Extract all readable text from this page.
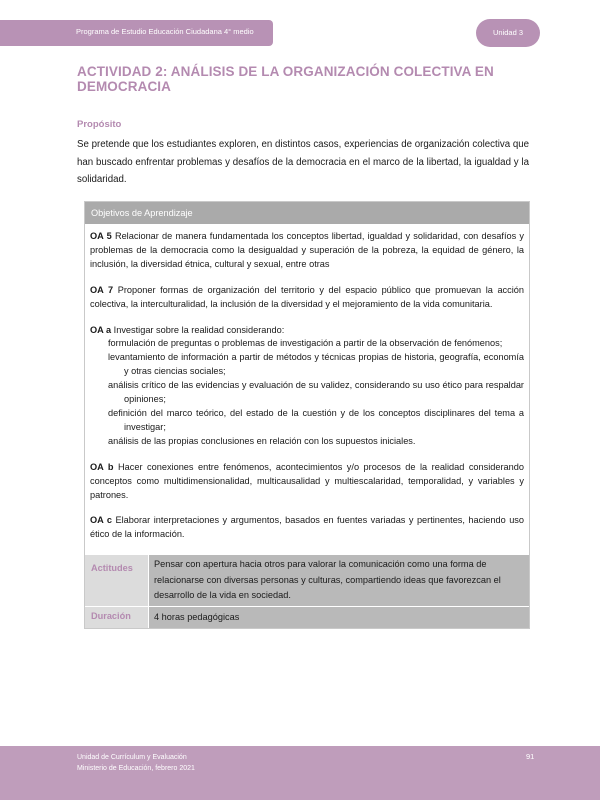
Programa de Estudio Educación Ciudadana 4° medio	Unidad 3
ACTIVIDAD 2: ANÁLISIS DE LA ORGANIZACIÓN COLECTIVA EN DEMOCRACIA
Propósito

Se pretende que los estudiantes exploren, en distintos casos, experiencias de organización colectiva que han buscado enfrentar problemas y desafíos de la democracia en el marco de la libertad, la igualdad y la solidaridad.

Objetivos de Aprendizaje

OA 5 Relacionar de manera fundamentada los conceptos libertad, igualdad y solidaridad, con desafíos y problemas de la democracia como la desigualdad y superación de la pobreza, la equidad de género, la inclusión, la diversidad étnica, cultural y sexual, entre otras

OA 7 Proponer formas de organización del territorio y del espacio público que promuevan la acción colectiva, la interculturalidad, la inclusión de la diversidad y el mejoramiento de la vida comunitaria.

OA a Investigar sobre la realidad considerando:

formulación de preguntas o problemas de investigación a partir de la observación de fenómenos;

levantamiento de información a partir de métodos y técnicas propias de historia, geografía, economía y otras ciencias sociales;

análisis crítico de las evidencias y evaluación de su validez, considerando su uso ético para respaldar opiniones;

definición del marco teórico, del estado de la cuestión y de los conceptos disciplinares del tema a investigar;

análisis de las propias conclusiones en relación con los supuestos iniciales.

OA b Hacer conexiones entre fenómenos, acontecimientos y/o procesos de la realidad considerando conceptos como multidimensionalidad, multicausalidad y multiescalaridad, temporalidad, y variables y patrones.

OA c Elaborar interpretaciones y argumentos, basados en fuentes variadas y pertinentes, haciendo uso ético de la información.

Actitudes	Pensar con apertura hacia otros para valorar la comunicación como una forma de relacionarse con diversas personas y culturas, compartiendo ideas que favorezcan el desarrollo de la vida en sociedad.
Duración	4 horas pedagógicas
Unidad de Currículum y Evaluación
Ministerio de Educación, febrero 2021
91
